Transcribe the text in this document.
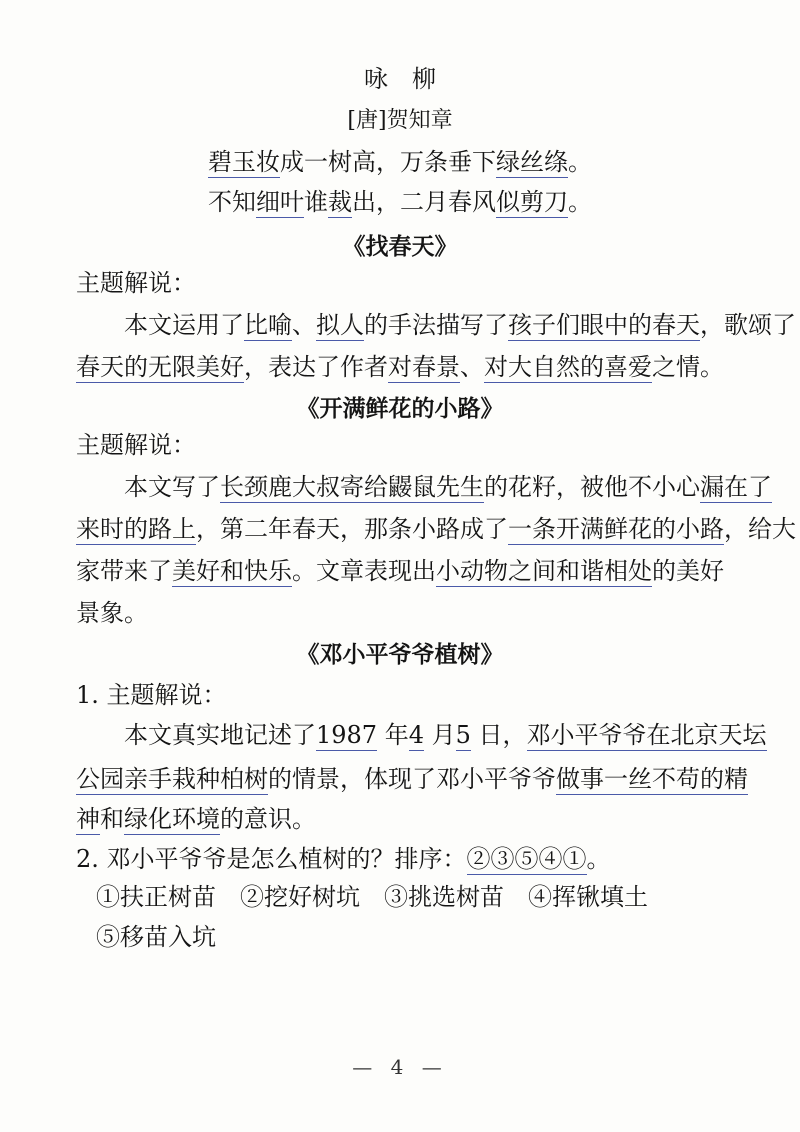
咏　柳
[唐]贺知章
碧玉妆成一树高，万条垂下绿丝绦。
不知细叶谁裁出，二月春风似剪刀。
《找春天》
主题解说：
　　本文运用了比喻、拟人的手法描写了孩子们眼中的春天，歌颂了
春天的无限美好，表达了作者对春景、对大自然的喜爱之情。
《开满鲜花的小路》
主题解说：
　　本文写了长颈鹿大叔寄给鼹鼠先生的花籽，被他不小心漏在了
来时的路上，第二年春天，那条小路成了一条开满鲜花的小路，给大
家带来了美好和快乐。文章表现出小动物之间和谐相处的美好
景象。
《邓小平爷爷植树》
1. 主题解说：
　　本文真实地记述了1987 年4 月5 日，邓小平爷爷在北京天坛
公园亲手栽种柏树的情景，体现了邓小平爷爷做事一丝不苟的精
神和绿化环境的意识。
2. 邓小平爷爷是怎么植树的？排序：②③⑤④①。
①扶正树苗　②挖好树坑　③挑选树苗　④挥锹填土
⑤移苗入坑
— 4 —
